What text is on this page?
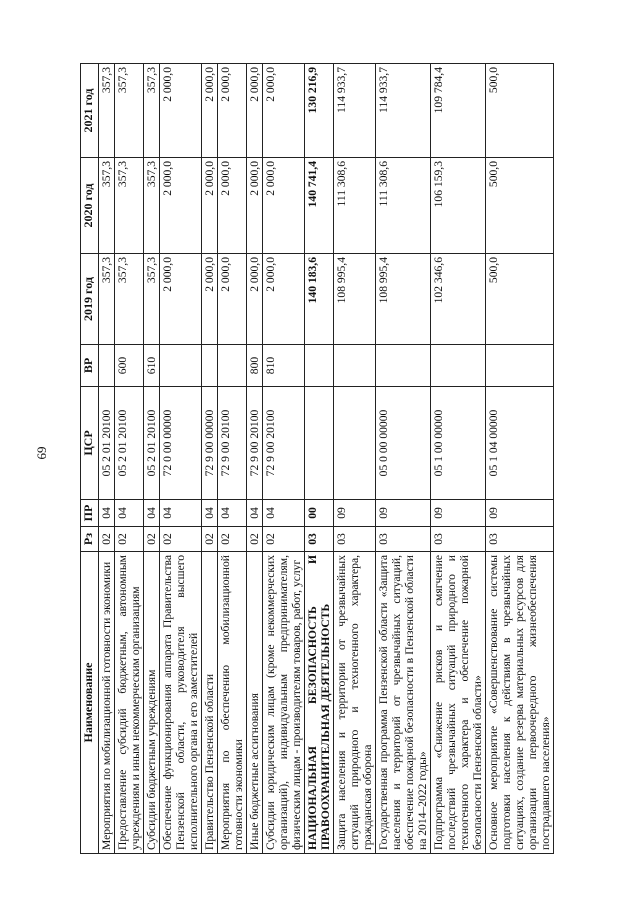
69
Наименование	Рз	ПР	ЦСР	ВР	2019 год	2020 год	2021 год
Мероприятия по мобилизационной готовности экономики	02	04	05 2 01 20100		357,3	357,3	357,3
Предоставление субсидий бюджетным, автономным учреждениям и иным некоммерческим организациям	02	04	05 2 01 20100	600	357,3	357,3	357,3
Субсидии бюджетным учреждениям	02	04	05 2 01 20100	610	357,3	357,3	357,3
Обеспечение функционирования аппарата Правительства Пензенской области, руководителя высшего исполнительного органа и его заместителей	02	04	72 0 00 00000		2 000,0	2 000,0	2 000,0
Правительство Пензенской области	02	04	72 9 00 00000		2 000,0	2 000,0	2 000,0
Мероприятия по обеспечению мобилизационной готовности экономики	02	04	72 9 00 20100		2 000,0	2 000,0	2 000,0
Иные бюджетные ассигнования	02	04	72 9 00 20100	800	2 000,0	2 000,0	2 000,0
Субсидии юридическим лицам (кроме некоммерческих организаций), индивидуальным предпринимателям, физическим лицам - производителям товаров, работ, услуг	02	04	72 9 00 20100	810	2 000,0	2 000,0	2 000,0
НАЦИОНАЛЬНАЯ БЕЗОПАСНОСТЬ И ПРАВООХРАНИТЕЛЬНАЯ ДЕЯТЕЛЬНОСТЬ	03	00			140 183,6	140 741,4	130 216,9
Защита населения и территории от чрезвычайных ситуаций природного и техногенного характера, гражданская оборона	03	09			108 995,4	111 308,6	114 933,7
Государственная программа Пензенской области «Защита населения и территорий от чрезвычайных ситуаций, обеспечение пожарной безопасности в Пензенской области на 2014–2022 годы»	03	09	05 0 00 00000		108 995,4	111 308,6	114 933,7
Подпрограмма «Снижение рисков и смягчение последствий чрезвычайных ситуаций природного и техногенного характера и обеспечение пожарной безопасности Пензенской области»	03	09	05 1 00 00000		102 346,6	106 159,3	109 784,4
Основное мероприятие «Совершенствование системы подготовки населения к действиям в чрезвычайных ситуациях, создание резерва материальных ресурсов для организации первоочередного жизнеобеспечения пострадавшего населения»	03	09	05 1 04 00000		500,0	500,0	500,0
